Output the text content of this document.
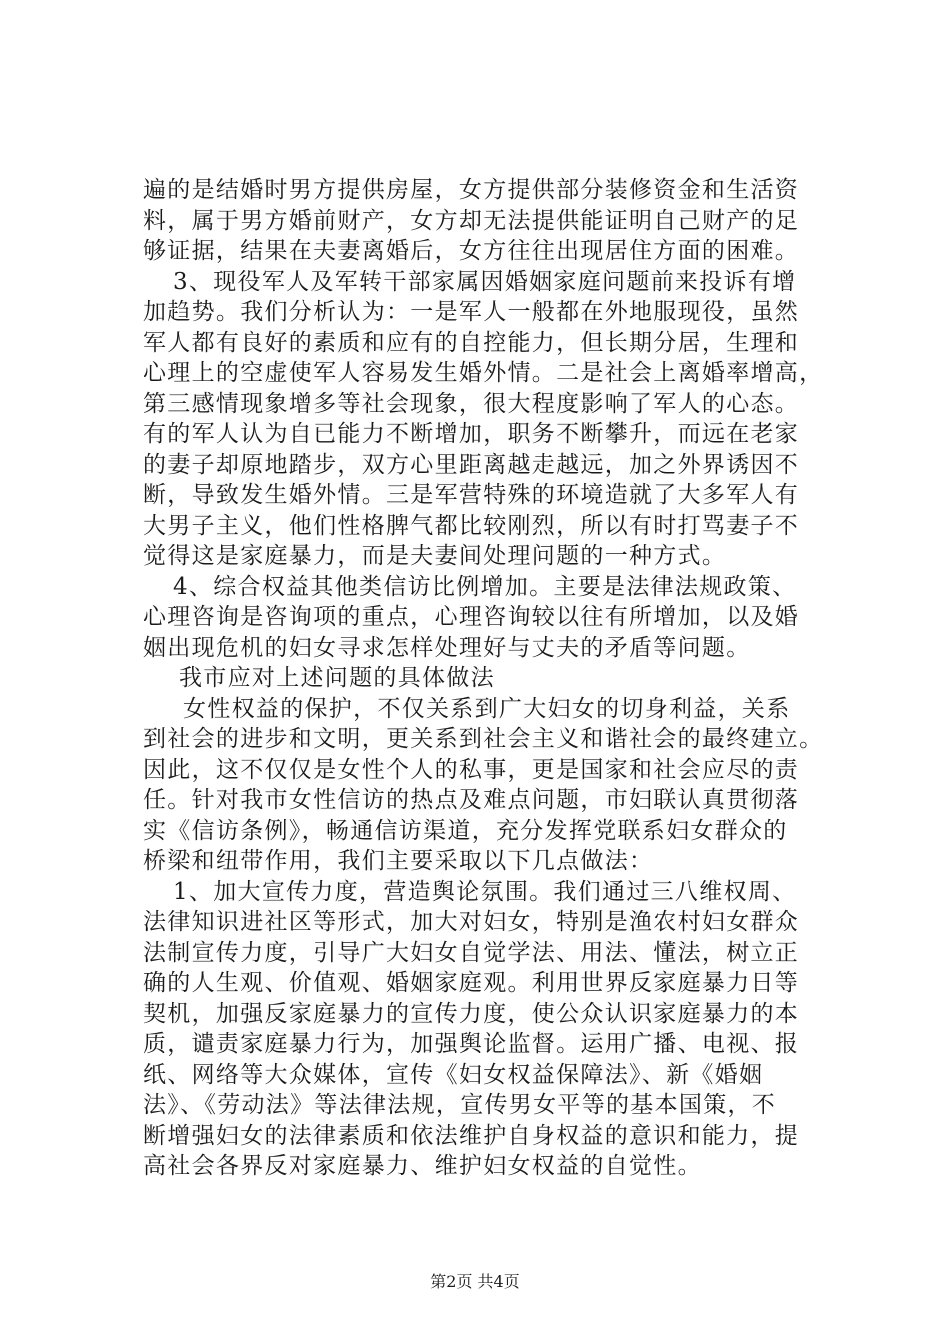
遍的是结婚时男方提供房屋，女方提供部分装修资金和生活资
料，属于男方婚前财产，女方却无法提供能证明自己财产的足
够证据，结果在夫妻离婚后，女方往往出现居住方面的困难。
3、现役军人及军转干部家属因婚姻家庭问题前来投诉有增
加趋势。我们分析认为：一是军人一般都在外地服现役，虽然
军人都有良好的素质和应有的自控能力，但长期分居，生理和
心理上的空虚使军人容易发生婚外情。二是社会上离婚率增高，
第三感情现象增多等社会现象，很大程度影响了军人的心态。
有的军人认为自已能力不断增加，职务不断攀升，而远在老家
的妻子却原地踏步，双方心里距离越走越远，加之外界诱因不
断，导致发生婚外情。三是军营特殊的环境造就了大多军人有
大男子主义，他们性格脾气都比较刚烈，所以有时打骂妻子不
觉得这是家庭暴力，而是夫妻间处理问题的一种方式。
4、综合权益其他类信访比例增加。主要是法律法规政策、
心理咨询是咨询项的重点，心理咨询较以往有所增加，以及婚
姻出现危机的妇女寻求怎样处理好与丈夫的矛盾等问题。
我市应对上述问题的具体做法
女性权益的保护，不仅关系到广大妇女的切身利益，关系
到社会的进步和文明，更关系到社会主义和谐社会的最终建立。
因此，这不仅仅是女性个人的私事，更是国家和社会应尽的责
任。针对我市女性信访的热点及难点问题，市妇联认真贯彻落
实《信访条例》，畅通信访渠道，充分发挥党联系妇女群众的
桥梁和纽带作用，我们主要采取以下几点做法：
1、加大宣传力度，营造舆论氛围。我们通过三八维权周、
法律知识进社区等形式，加大对妇女，特别是渔农村妇女群众
法制宣传力度，引导广大妇女自觉学法、用法、懂法，树立正
确的人生观、价值观、婚姻家庭观。利用世界反家庭暴力日等
契机，加强反家庭暴力的宣传力度，使公众认识家庭暴力的本
质，谴责家庭暴力行为，加强舆论监督。运用广播、电视、报
纸、网络等大众媒体，宣传《妇女权益保障法》、新《婚姻
法》、《劳动法》等法律法规，宣传男女平等的基本国策，不
断增强妇女的法律素质和依法维护自身权益的意识和能力，提
高社会各界反对家庭暴力、维护妇女权益的自觉性。
第2页 共4页
